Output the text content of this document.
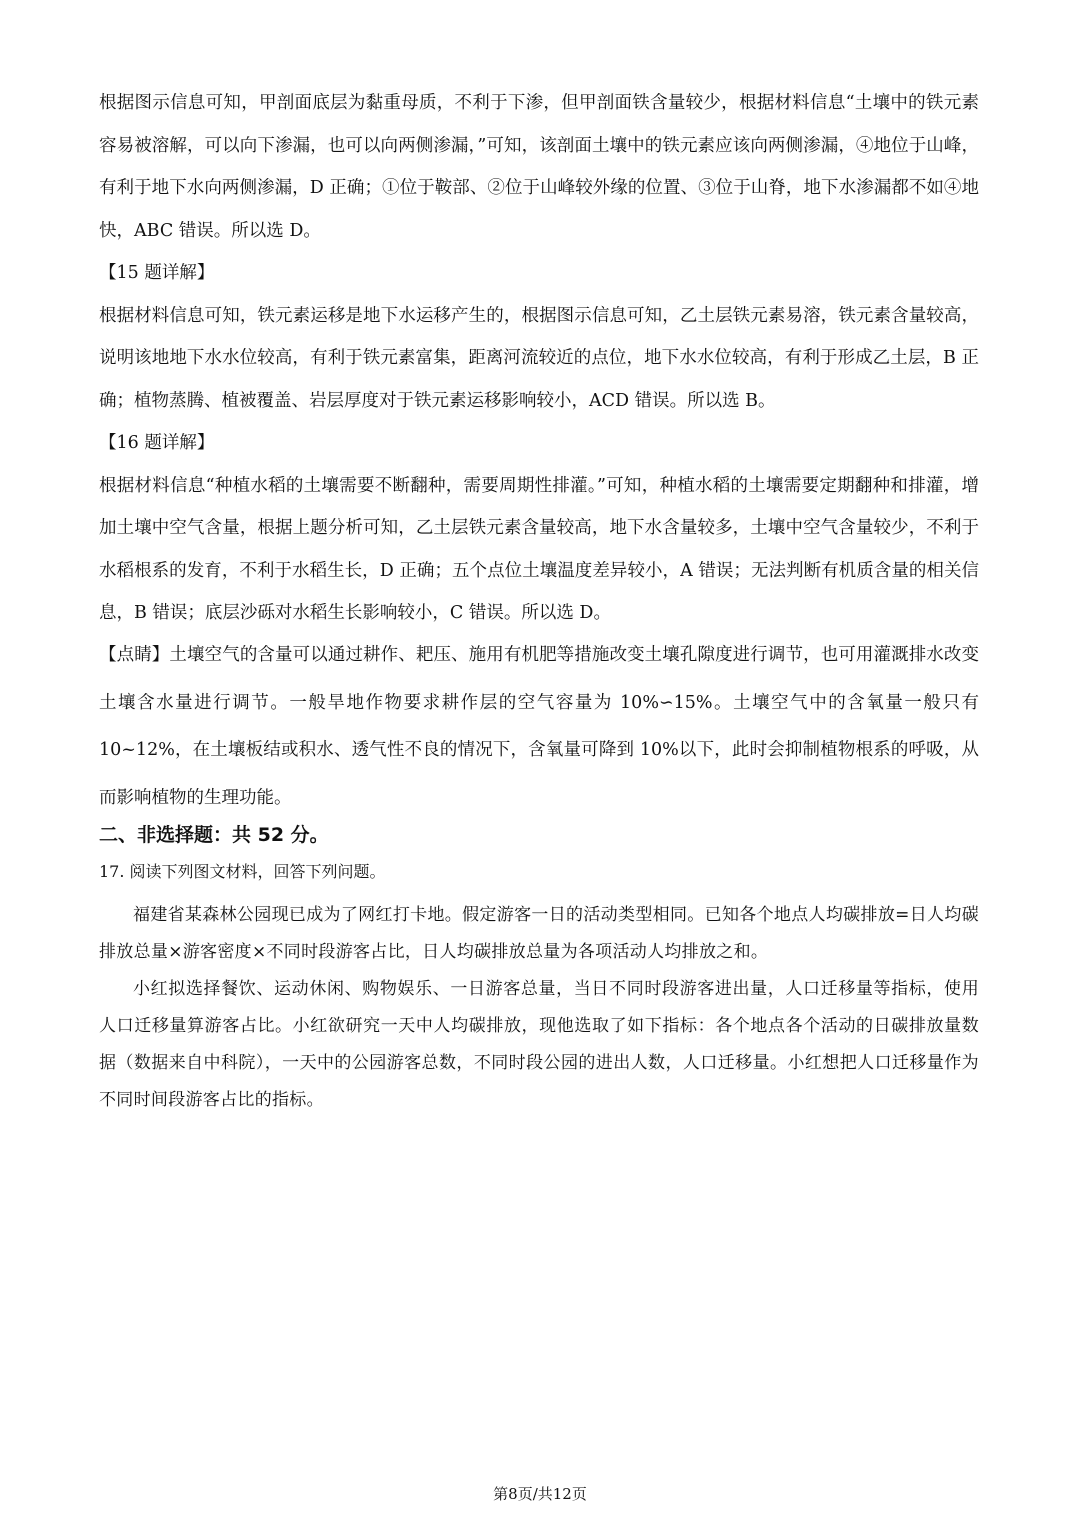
根据图示信息可知，甲剖面底层为黏重母质，不利于下渗，但甲剖面铁含量较少，根据材料信息“土壤中的铁元素容易被溶解，可以向下渗漏，也可以向两侧渗漏，”可知，该剖面土壤中的铁元素应该向两侧渗漏，④地位于山峰，有利于地下水向两侧渗漏，D 正确；①位于鞍部、②位于山峰较外缘的位置、③位于山脊，地下水渗漏都不如④地快，ABC 错误。所以选 D。

【15 题详解】

根据材料信息可知，铁元素运移是地下水运移产生的，根据图示信息可知，乙土层铁元素易溶，铁元素含量较高，说明该地地下水水位较高，有利于铁元素富集，距离河流较近的点位，地下水水位较高，有利于形成乙土层，B 正确；植物蒸腾、植被覆盖、岩层厚度对于铁元素运移影响较小，ACD 错误。所以选 B。

【16 题详解】

根据材料信息“种植水稻的土壤需要不断翻种，需要周期性排灌。”可知，种植水稻的土壤需要定期翻种和排灌，增加土壤中空气含量，根据上题分析可知，乙土层铁元素含量较高，地下水含量较多，土壤中空气含量较少，不利于水稻根系的发育，不利于水稻生长，D 正确；五个点位土壤温度差异较小，A 错误；无法判断有机质含量的相关信息，B 错误；底层沙砾对水稻生长影响较小，C 错误。所以选 D。

【点睛】土壤空气的含量可以通过耕作、耙压、施用有机肥等措施改变土壤孔隙度进行调节，也可用灌溉排水改变土壤含水量进行调节。一般旱地作物要求耕作层的空气容量为 10%∽15%。土壤空气中的含氧量一般只有 10~12%，在土壤板结或积水、透气性不良的情况下，含氧量可降到 10%以下，此时会抑制植物根系的呼吸，从而影响植物的生理功能。

二、非选择题：共 52 分。

17. 阅读下列图文材料，回答下列问题。

福建省某森林公园现已成为了网红打卡地。假定游客一日的活动类型相同。已知各个地点人均碳排放=日人均碳排放总量×游客密度×不同时段游客占比，日人均碳排放总量为各项活动人均排放之和。

小红拟选择餐饮、运动休闲、购物娱乐、一日游客总量，当日不同时段游客进出量，人口迁移量等指标，使用人口迁移量算游客占比。小红欲研究一天中人均碳排放，现他选取了如下指标：各个地点各个活动的日碳排放量数据（数据来自中科院），一天中的公园游客总数，不同时段公园的进出人数，人口迁移量。小红想把人口迁移量作为不同时间段游客占比的指标。

第8页/共12页
